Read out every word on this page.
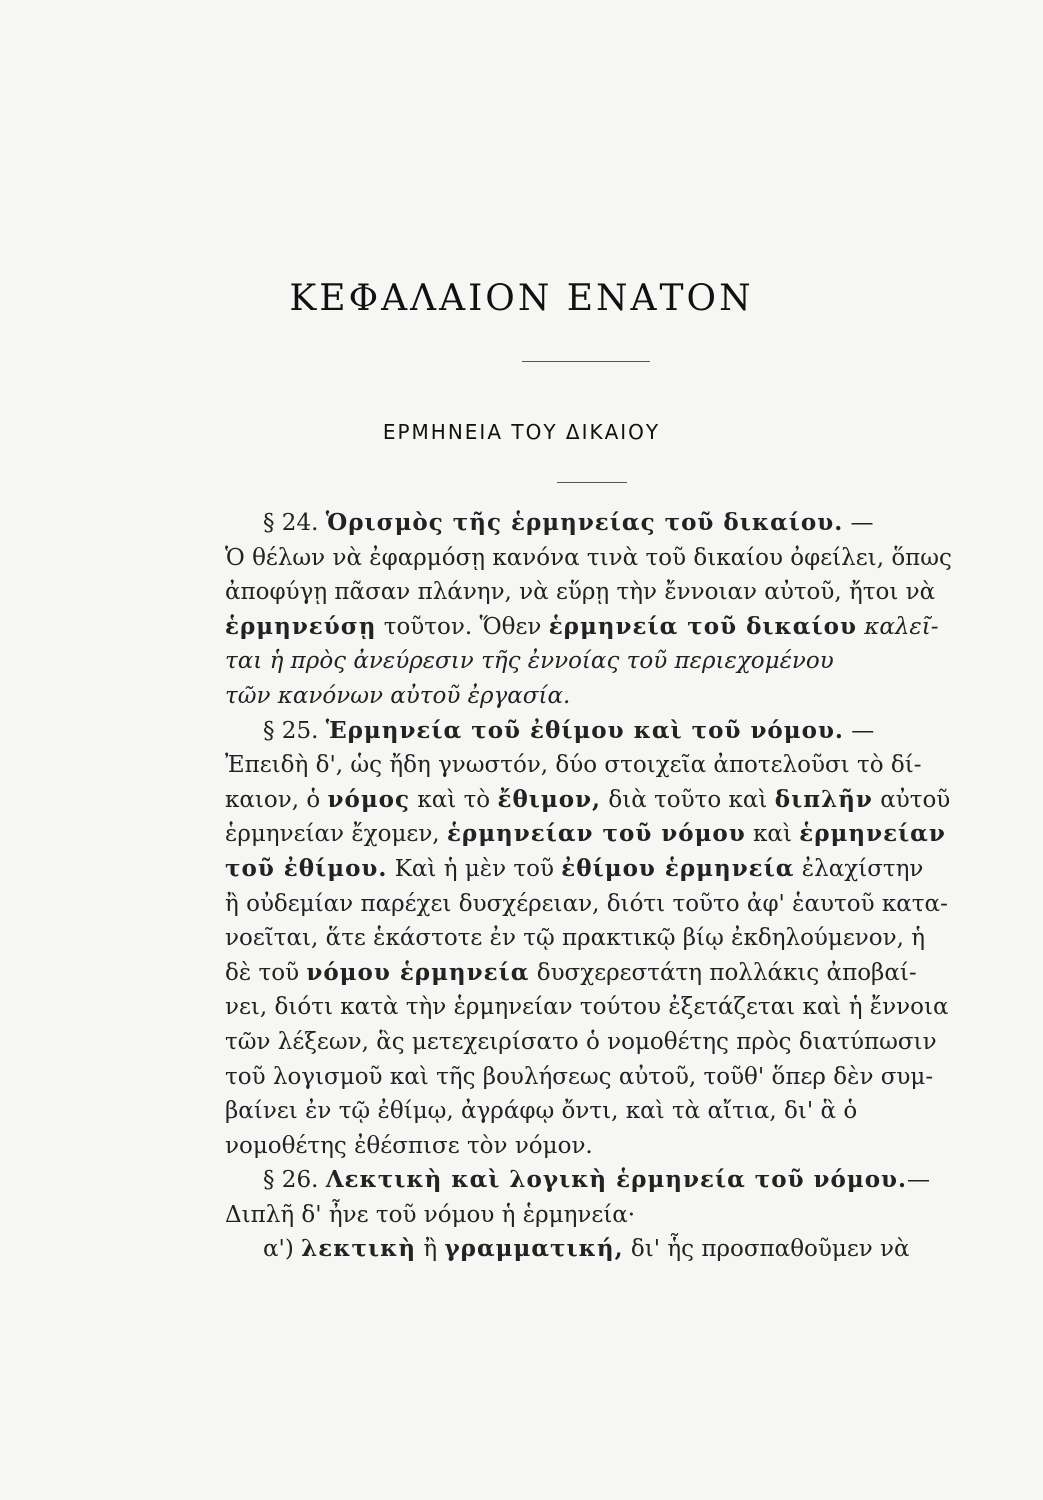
ΚΕΦΑΛΑΙΟΝ ΕΝΑΤΟΝ
ΕΡΜΗΝΕΙΑ ΤΟΥ ΔΙΚΑΙΟΥ
§ 24. Ὁρισμὸς τῆς ἑρμηνείας τοῦ δικαίου. —
Ὁ θέλων νὰ ἐφαρμόσῃ κανόνα τινὰ τοῦ δικαίου ὀφείλει, ὅπως
ἀποφύγῃ πᾶσαν πλάνην, νὰ εὕρῃ τὴν ἔννοιαν αὐτοῦ, ἤτοι νὰ
ἑρμηνεύσῃ τοῦτον. Ὅθεν ἑρμηνεία τοῦ δικαίου καλεῖ-
ται ἡ πρὸς ἀνεύρεσιν τῆς ἐννοίας τοῦ περιεχομένου
τῶν κανόνων αὐτοῦ ἐργασία.
§ 25. Ἑρμηνεία τοῦ ἐθίμου καὶ τοῦ νόμου. —
Ἐπειδὴ δ', ὡς ἤδη γνωστόν, δύο στοιχεῖα ἀποτελοῦσι τὸ δί-
καιον, ὁ νόμος καὶ τὸ ἔθιμον, διὰ τοῦτο καὶ διπλῆν αὐτοῦ
ἑρμηνείαν ἔχομεν, ἑρμηνείαν τοῦ νόμου καὶ ἑρμηνείαν
τοῦ ἐθίμου. Καὶ ἡ μὲν τοῦ ἐθίμου ἑρμηνεία ἐλαχίστην
ἢ οὐδεμίαν παρέχει δυσχέρειαν, διότι τοῦτο ἀφ' ἑαυτοῦ κατα-
νοεῖται, ἅτε ἑκάστοτε ἐν τῷ πρακτικῷ βίῳ ἐκδηλούμενον, ἡ
δὲ τοῦ νόμου ἑρμηνεία δυσχερεστάτη πολλάκις ἀποβαί-
νει, διότι κατὰ τὴν ἑρμηνείαν τούτου ἐξετάζεται καὶ ἡ ἔννοια
τῶν λέξεων, ἃς μετεχειρίσατο ὁ νομοθέτης πρὸς διατύπωσιν
τοῦ λογισμοῦ καὶ τῆς βουλήσεως αὐτοῦ, τοῦθ' ὅπερ δὲν συμ-
βαίνει ἐν τῷ ἐθίμῳ, ἀγράφῳ ὄντι, καὶ τὰ αἴτια, δι' ἃ ὁ
νομοθέτης ἐθέσπισε τὸν νόμον.
§ 26. Λεκτικὴ καὶ λογικὴ ἑρμηνεία τοῦ νόμου.—
Διπλῆ δ' ἦνε τοῦ νόμου ἡ ἑρμηνεία·
α') λεκτικὴ ἢ γραμματική, δι' ἧς προσπαθοῦμεν νὰ
